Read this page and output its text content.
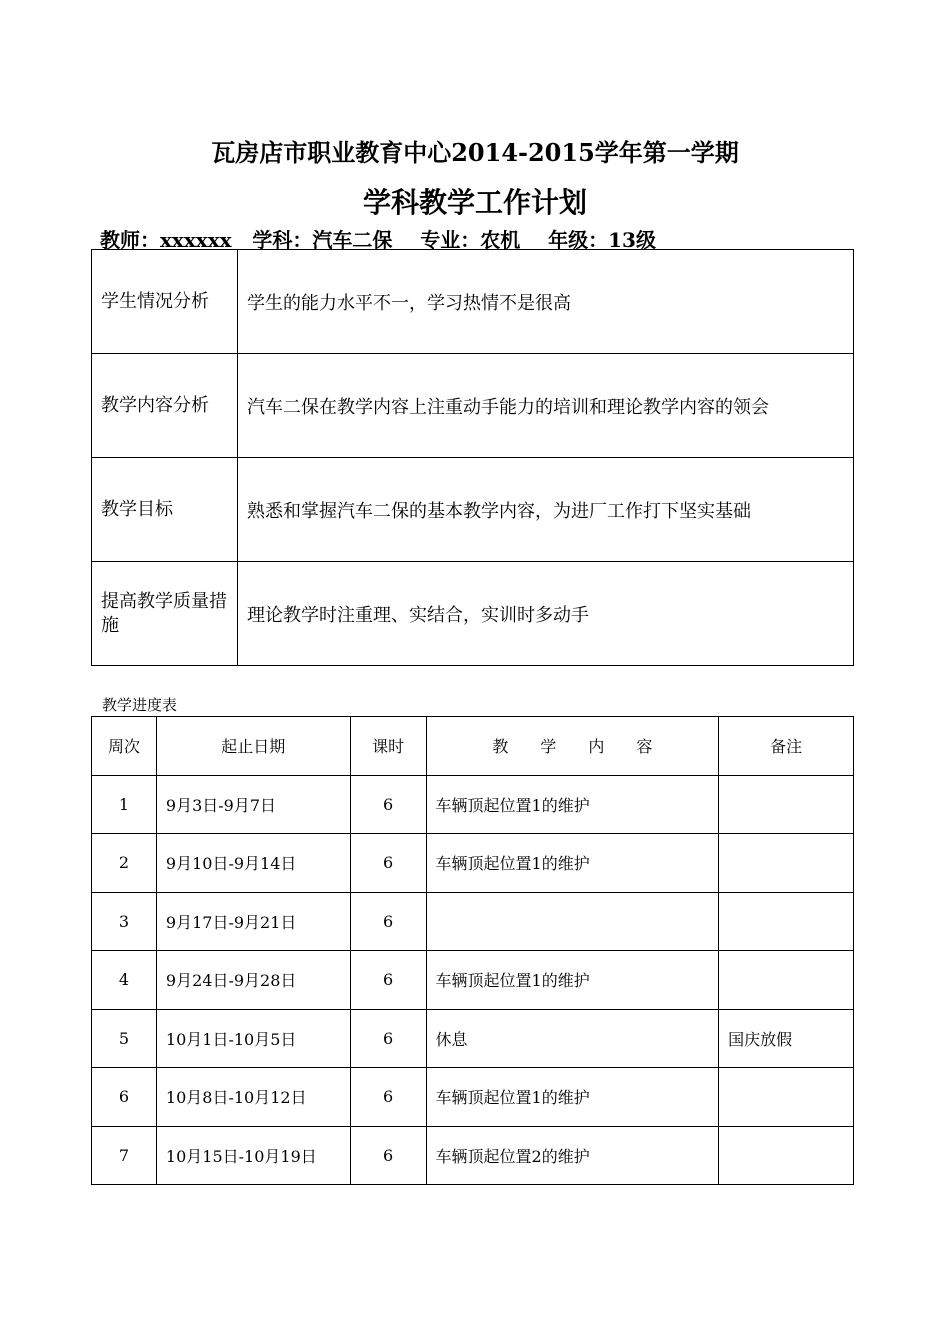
瓦房店市职业教育中心2014-2015学年第一学期
学科教学工作计划
教师：xxxxxx   学科：汽车二保    专业：农机    年级：13级
学生情况分析	学生的能力水平不一，学习热情不是很高
教学内容分析	汽车二保在教学内容上注重动手能力的培训和理论教学内容的领会
教学目标	熟悉和掌握汽车二保的基本教学内容，为进厂工作打下坚实基础
提高教学质量措施	理论教学时注重理、实结合，实训时多动手
教学进度表
周次	起止日期	课时	教　　学　　内　　容	备注
1	9月3日-9月7日	6	车辆顶起位置1的维护	
2	9月10日-9月14日	6	车辆顶起位置1的维护	
3	9月17日-9月21日	6		
4	9月24日-9月28日	6	车辆顶起位置1的维护	
5	10月1日-10月5日	6	休息	国庆放假
6	10月8日-10月12日	6	车辆顶起位置1的维护	
7	10月15日-10月19日	6	车辆顶起位置2的维护	
